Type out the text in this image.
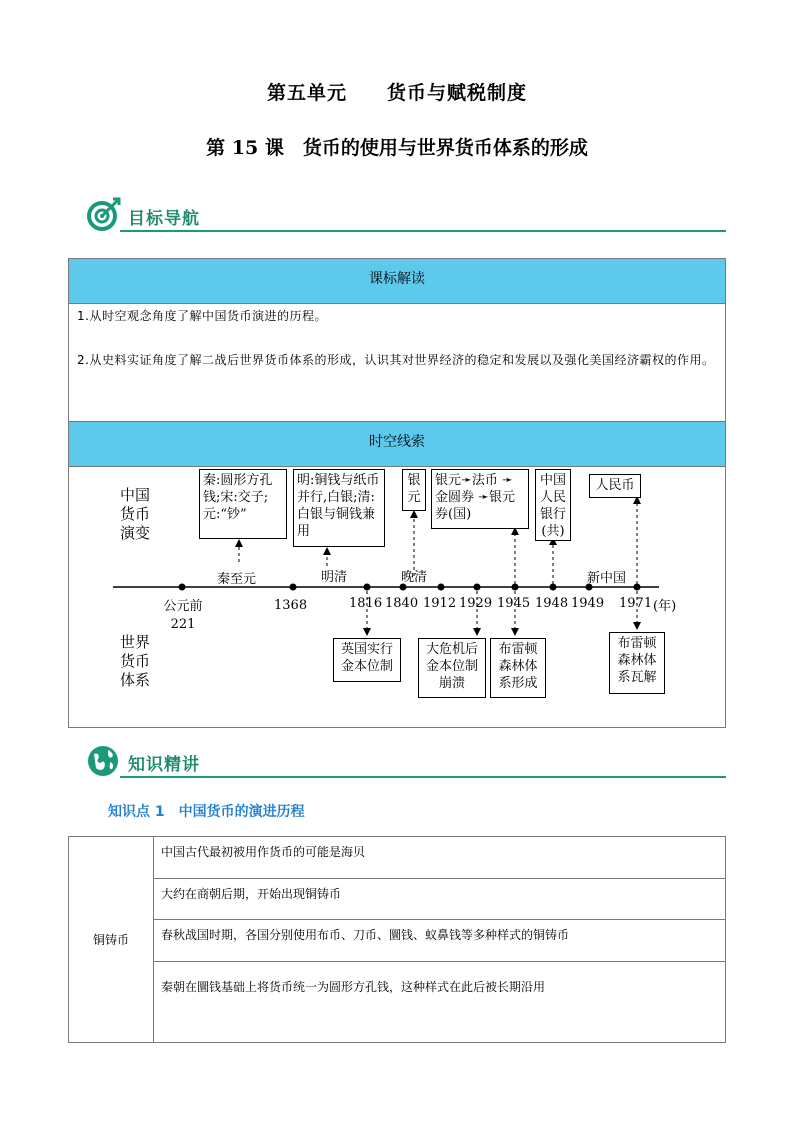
第五单元　　货币与赋税制度
第 15 课　货币的使用与世界货币体系的形成
目标导航
课标解读
1.从时空观念角度了解中国货币演进的历程。
2.从史料实证角度了解二战后世界货币体系的形成，认识其对世界经济的稳定和发展以及强化美国经济霸权的作用。
时空线索
中国货币演变
世界货币体系
秦至元	明清	晚清	新中国
公元前221
1368	1816 1840 1912 1929 1945 1948 1949 1971 (年)
秦:圆形方孔钱;宋:交子;元:“钞”
明:铜钱与纸币并行,白银;清:白银与铜钱兼用
银元
银元➛法币 ➛ 金圆券 ➛银元券(国)
中国人民银行(共)
人民币
英国实行金本位制
大危机后金本位制崩溃
布雷顿森林体系形成
布雷顿森林体系瓦解
知识精讲
知识点 1　中国货币的演进历程
铜铸币	中国古代最初被用作货币的可能是海贝
大约在商朝后期，开始出现铜铸币
春秋战国时期，各国分别使用布币、刀币、圜钱、蚁鼻钱等多种样式的铜铸币
秦朝在圜钱基础上将货币统一为圆形方孔钱，这种样式在此后被长期沿用
